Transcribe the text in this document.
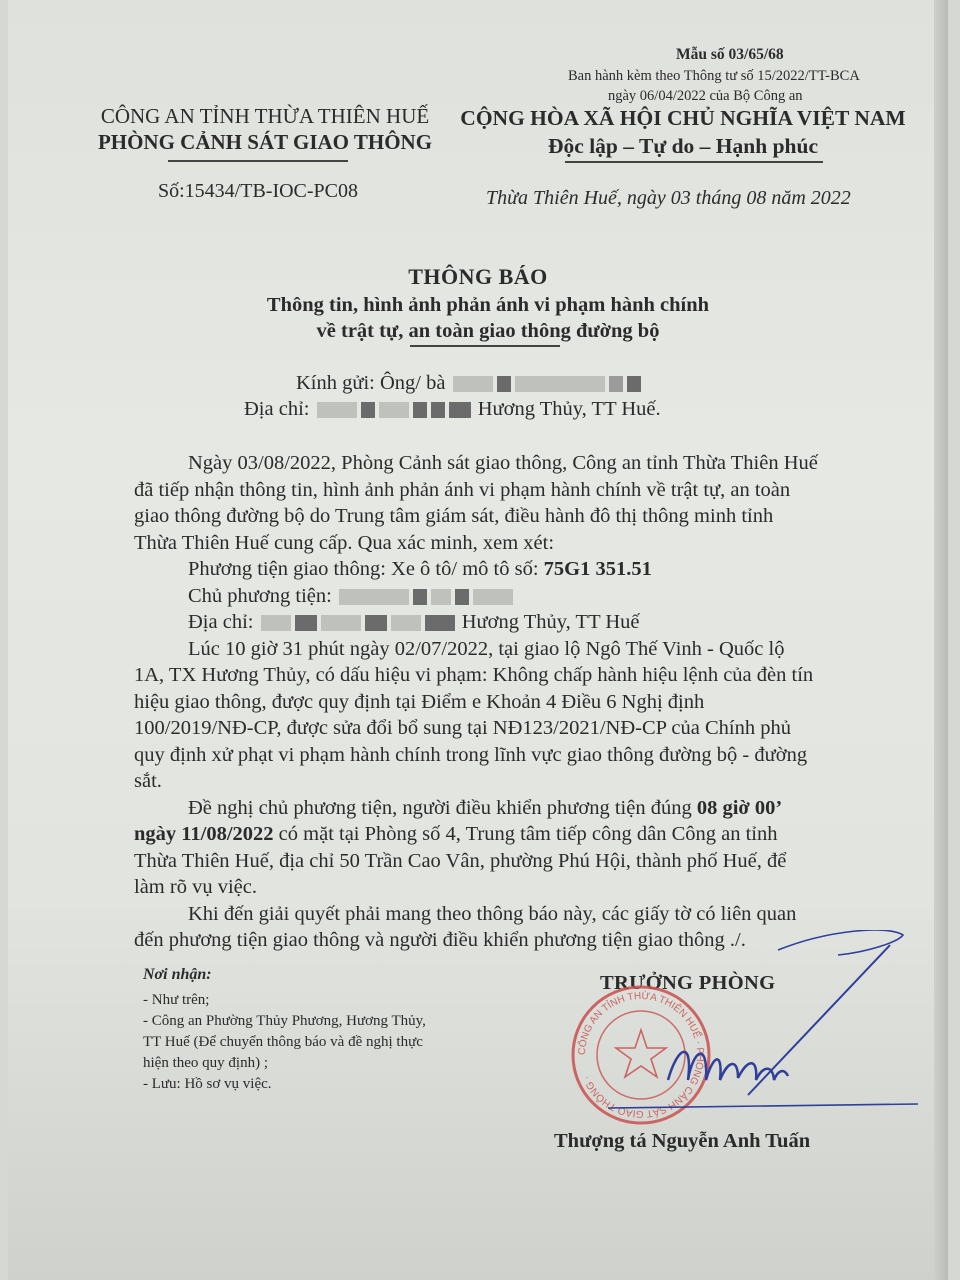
Mẫu số 03/65/68
Ban hành kèm theo Thông tư số 15/2022/TT-BCA
ngày 06/04/2022 của Bộ Công an
CÔNG AN TỈNH THỪA THIÊN HUẾ
PHÒNG CẢNH SÁT GIAO THÔNG
Số:15434/TB-IOC-PC08
CỘNG HÒA XÃ HỘI CHỦ NGHĨA VIỆT NAM
Độc lập – Tự do – Hạnh phúc
Thừa Thiên Huế, ngày 03 tháng 08 năm 2022
THÔNG BÁO
Thông tin, hình ảnh phản ánh vi phạm hành chính
về trật tự, an toàn giao thông đường bộ
Kính gửi: Ông/ bà
Địa chỉ:	Hương Thủy, TT Huế.
Ngày 03/08/2022, Phòng Cảnh sát giao thông, Công an tỉnh Thừa Thiên Huế
đã tiếp nhận thông tin, hình ảnh phản ánh vi phạm hành chính về trật tự, an toàn
giao thông đường bộ do Trung tâm giám sát, điều hành đô thị thông minh tỉnh
Thừa Thiên Huế cung cấp. Qua xác minh, xem xét:
Phương tiện giao thông: Xe ô tô/ mô tô số: 75G1 351.51
Chủ phương tiện:
Địa chỉ:	Hương Thủy, TT Huế
Lúc 10 giờ 31 phút ngày 02/07/2022, tại giao lộ Ngô Thế Vinh - Quốc lộ
1A, TX Hương Thủy, có dấu hiệu vi phạm: Không chấp hành hiệu lệnh của đèn tín
hiệu giao thông, được quy định tại Điểm e Khoản 4 Điều 6 Nghị định
100/2019/NĐ-CP, được sửa đổi bổ sung tại NĐ123/2021/NĐ-CP của Chính phủ
quy định xử phạt vi phạm hành chính trong lĩnh vực giao thông đường bộ - đường
sắt.
Đề nghị chủ phương tiện, người điều khiển phương tiện đúng 08 giờ 00’
ngày 11/08/2022 có mặt tại Phòng số 4, Trung tâm tiếp công dân Công an tỉnh
Thừa Thiên Huế, địa chỉ 50 Trần Cao Vân, phường Phú Hội, thành phố Huế, để
làm rõ vụ việc.
Khi đến giải quyết phải mang theo thông báo này, các giấy tờ có liên quan
đến phương tiện giao thông và người điều khiển phương tiện giao thông ./.
Nơi nhận:
- Như trên;
- Công an Phường Thủy Phương, Hương Thủy,
TT Huế (Để chuyển thông báo và đề nghị thực
hiện theo quy định) ;
- Lưu: Hồ sơ vụ việc.
TRƯỞNG PHÒNG
CÔNG AN TỈNH THỪA THIÊN HUẾ · PHÒNG CẢNH SÁT GIAO THÔNG ·
Thượng tá Nguyễn Anh Tuấn
